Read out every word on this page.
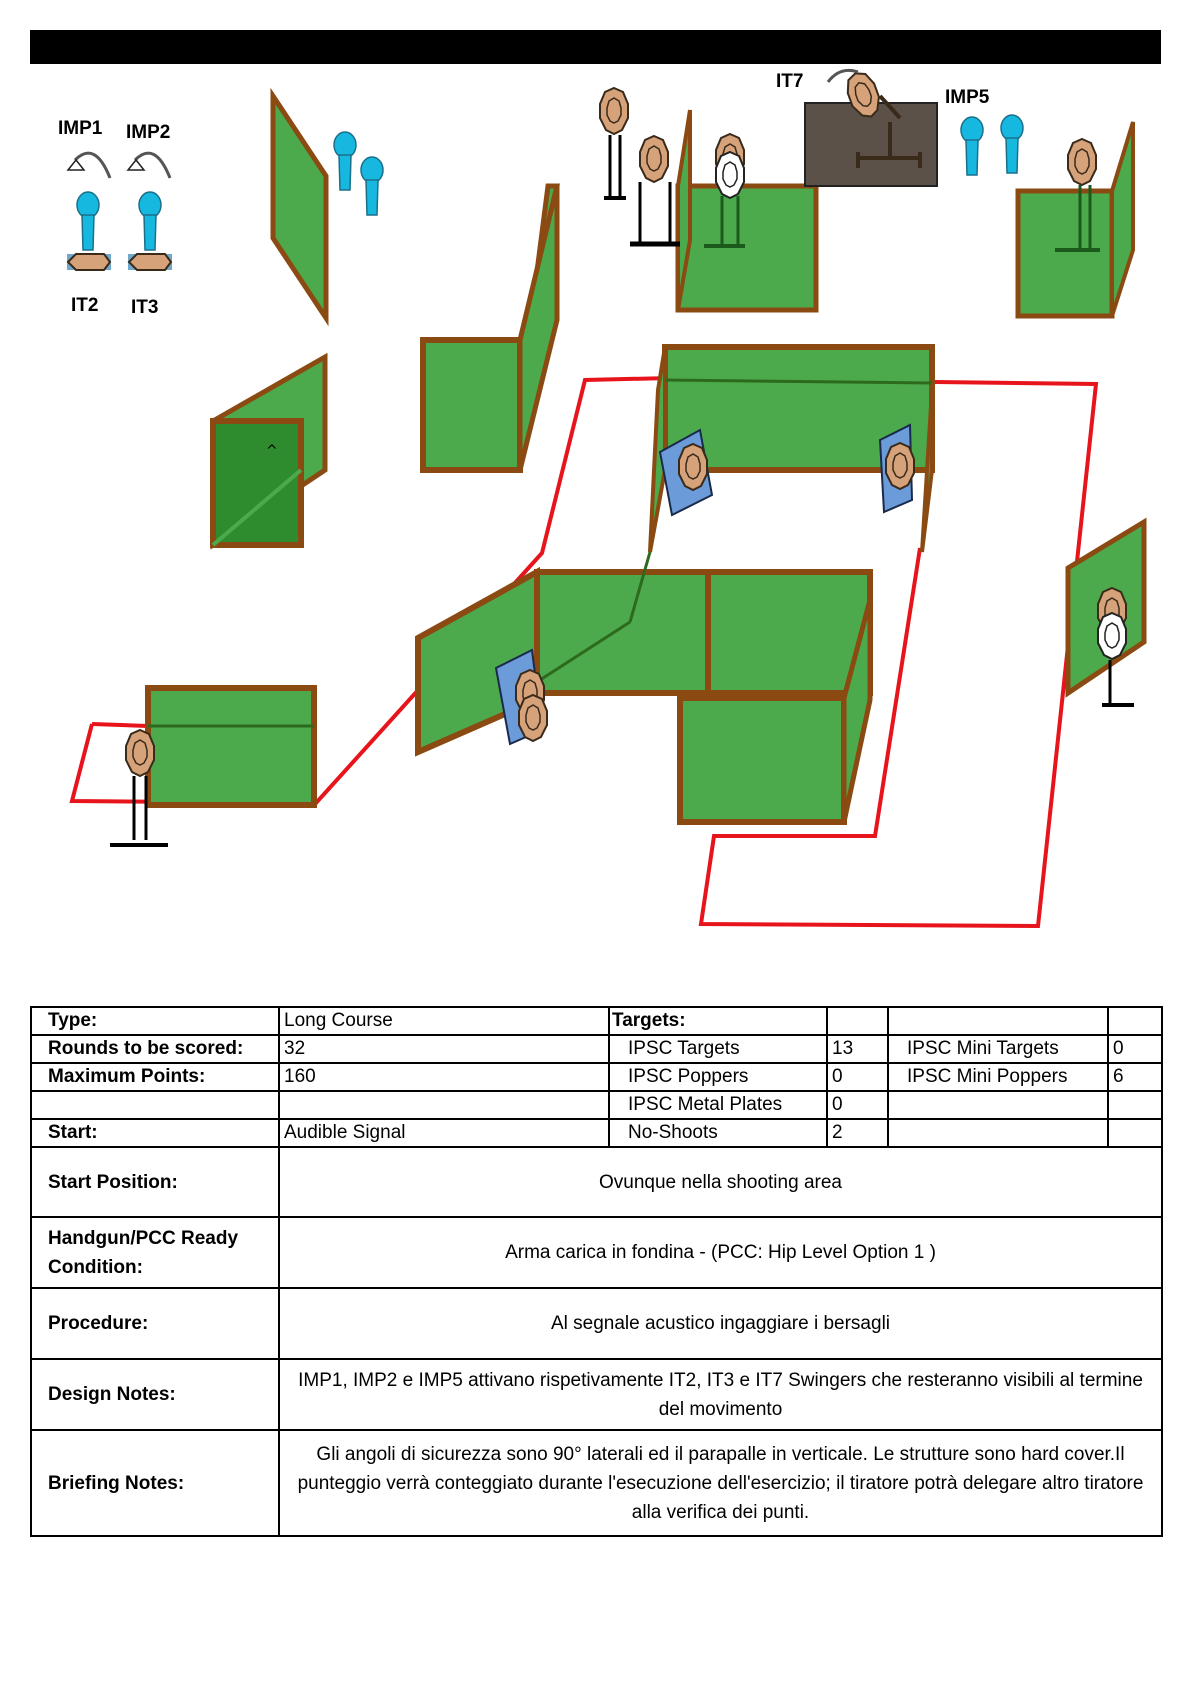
^
IMP1 IMP2
IT2 IT3
IT7
IMP5
Type:	Long Course	Targets:			
Rounds to be scored:	32	IPSC Targets	13	IPSC Mini Targets	0
Maximum Points:	160	IPSC Poppers	0	IPSC Mini Poppers	6
		IPSC Metal Plates	0		
Start:	Audible Signal	No-Shoots	2		
Start Position:	Ovunque nella shooting area				
Handgun/PCC Ready Condition:	Arma carica in fondina - (PCC: Hip Level Option 1 )				
Procedure:	Al segnale acustico ingaggiare i bersagli				
Design Notes:	IMP1, IMP2 e IMP5 attivano rispetivamente IT2, IT3 e IT7 Swingers che resteranno visibili al termine del movimento				
Briefing Notes:	Gli angoli di sicurezza sono 90° laterali ed il parapalle in verticale. Le strutture sono hard cover.Il punteggio verrà conteggiato durante l'esecuzione dell'esercizio; il tiratore potrà delegare altro tiratore alla verifica dei punti.				
